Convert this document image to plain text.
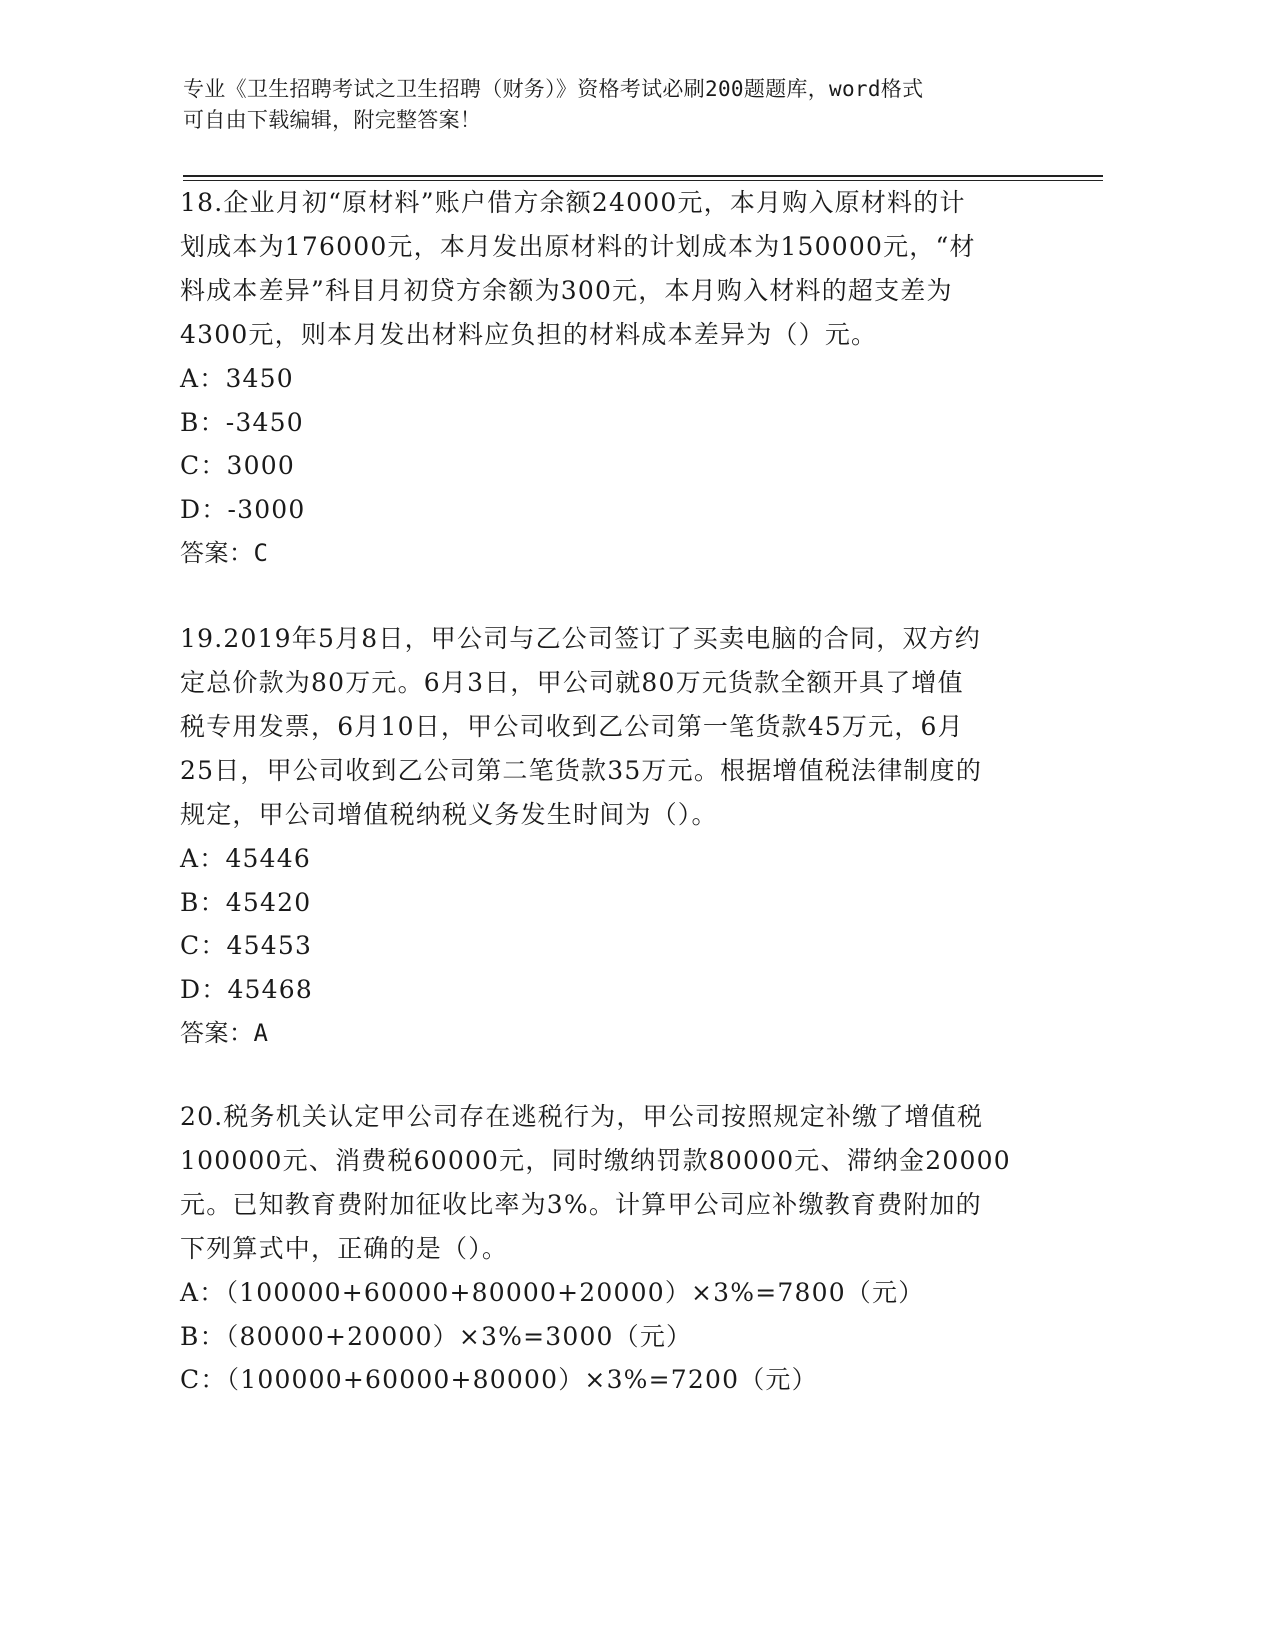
专业《卫生招聘考试之卫生招聘（财务）》资格考试必刷200题题库，word格式
可自由下载编辑，附完整答案！
18.企业月初“原材料”账户借方余额24000元，本月购入原材料的计
划成本为176000元，本月发出原材料的计划成本为150000元，“材
料成本差异”科目月初贷方余额为300元，本月购入材料的超支差为
4300元，则本月发出材料应负担的材料成本差异为（）元。
A：3450
B：-3450
C：3000
D：-3000
答案：C
19.2019年5月8日，甲公司与乙公司签订了买卖电脑的合同，双方约
定总价款为80万元。6月3日，甲公司就80万元货款全额开具了增值
税专用发票，6月10日，甲公司收到乙公司第一笔货款45万元，6月
25日，甲公司收到乙公司第二笔货款35万元。根据增值税法律制度的
规定，甲公司增值税纳税义务发生时间为（）。
A：45446
B：45420
C：45453
D：45468
答案：A
20.税务机关认定甲公司存在逃税行为，甲公司按照规定补缴了增值税
100000元、消费税60000元，同时缴纳罚款80000元、滞纳金20000
元。已知教育费附加征收比率为3%。计算甲公司应补缴教育费附加的
下列算式中，正确的是（）。
A：（100000+60000+80000+20000）×3%=7800（元）
B：（80000+20000）×3%=3000（元）
C：（100000+60000+80000）×3%=7200（元）
